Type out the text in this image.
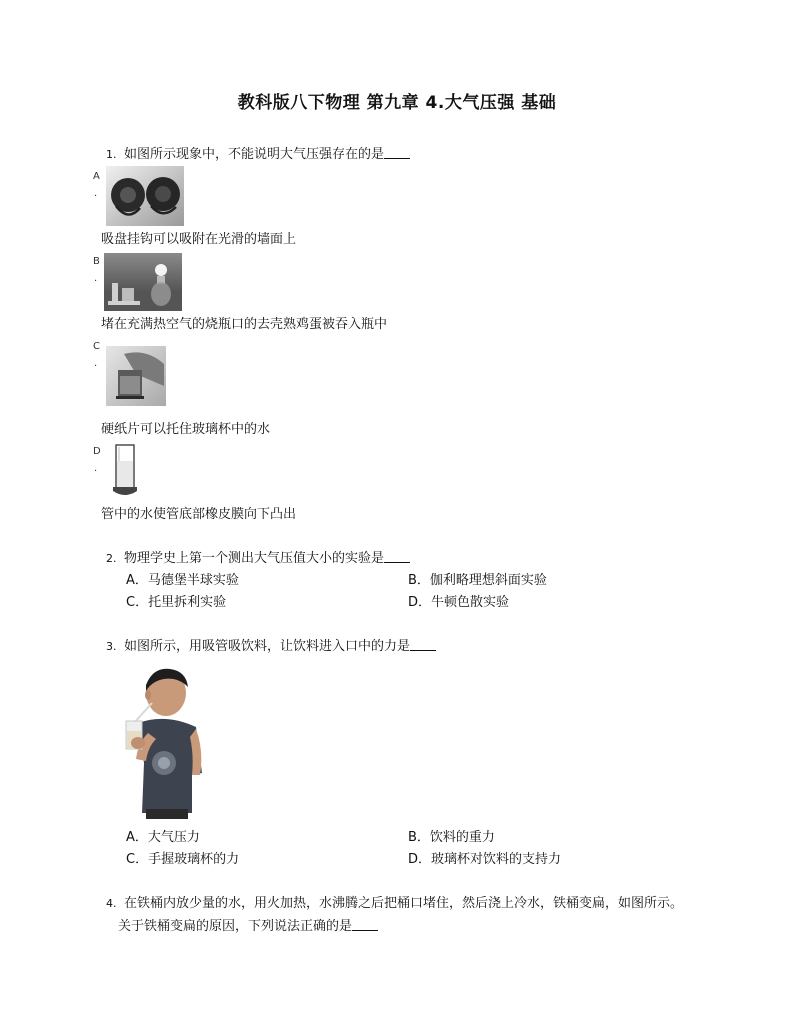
教科版八下物理 第九章 4.大气压强 基础
1. 如图所示现象中，不能说明大气压强存在的是
A
·
吸盘挂钩可以吸附在光滑的墙面上
B
·
堵在充满热空气的烧瓶口的去壳熟鸡蛋被吞入瓶中
C
·
硬纸片可以托住玻璃杯中的水
D
·
管中的水使管底部橡皮膜向下凸出
2. 物理学史上第一个测出大气压值大小的实验是
A．马德堡半球实验	B．伽利略理想斜面实验
C．托里拆利实验	D．牛顿色散实验
3. 如图所示，用吸管吸饮料，让饮料进入口中的力是
A．大气压力	B．饮料的重力
C．手握玻璃杯的力	D．玻璃杯对饮料的支持力
4. 在铁桶内放少量的水，用火加热，水沸腾之后把桶口堵住，然后浇上冷水，铁桶变扁，如图所示。
关于铁桶变扁的原因，下列说法正确的是
